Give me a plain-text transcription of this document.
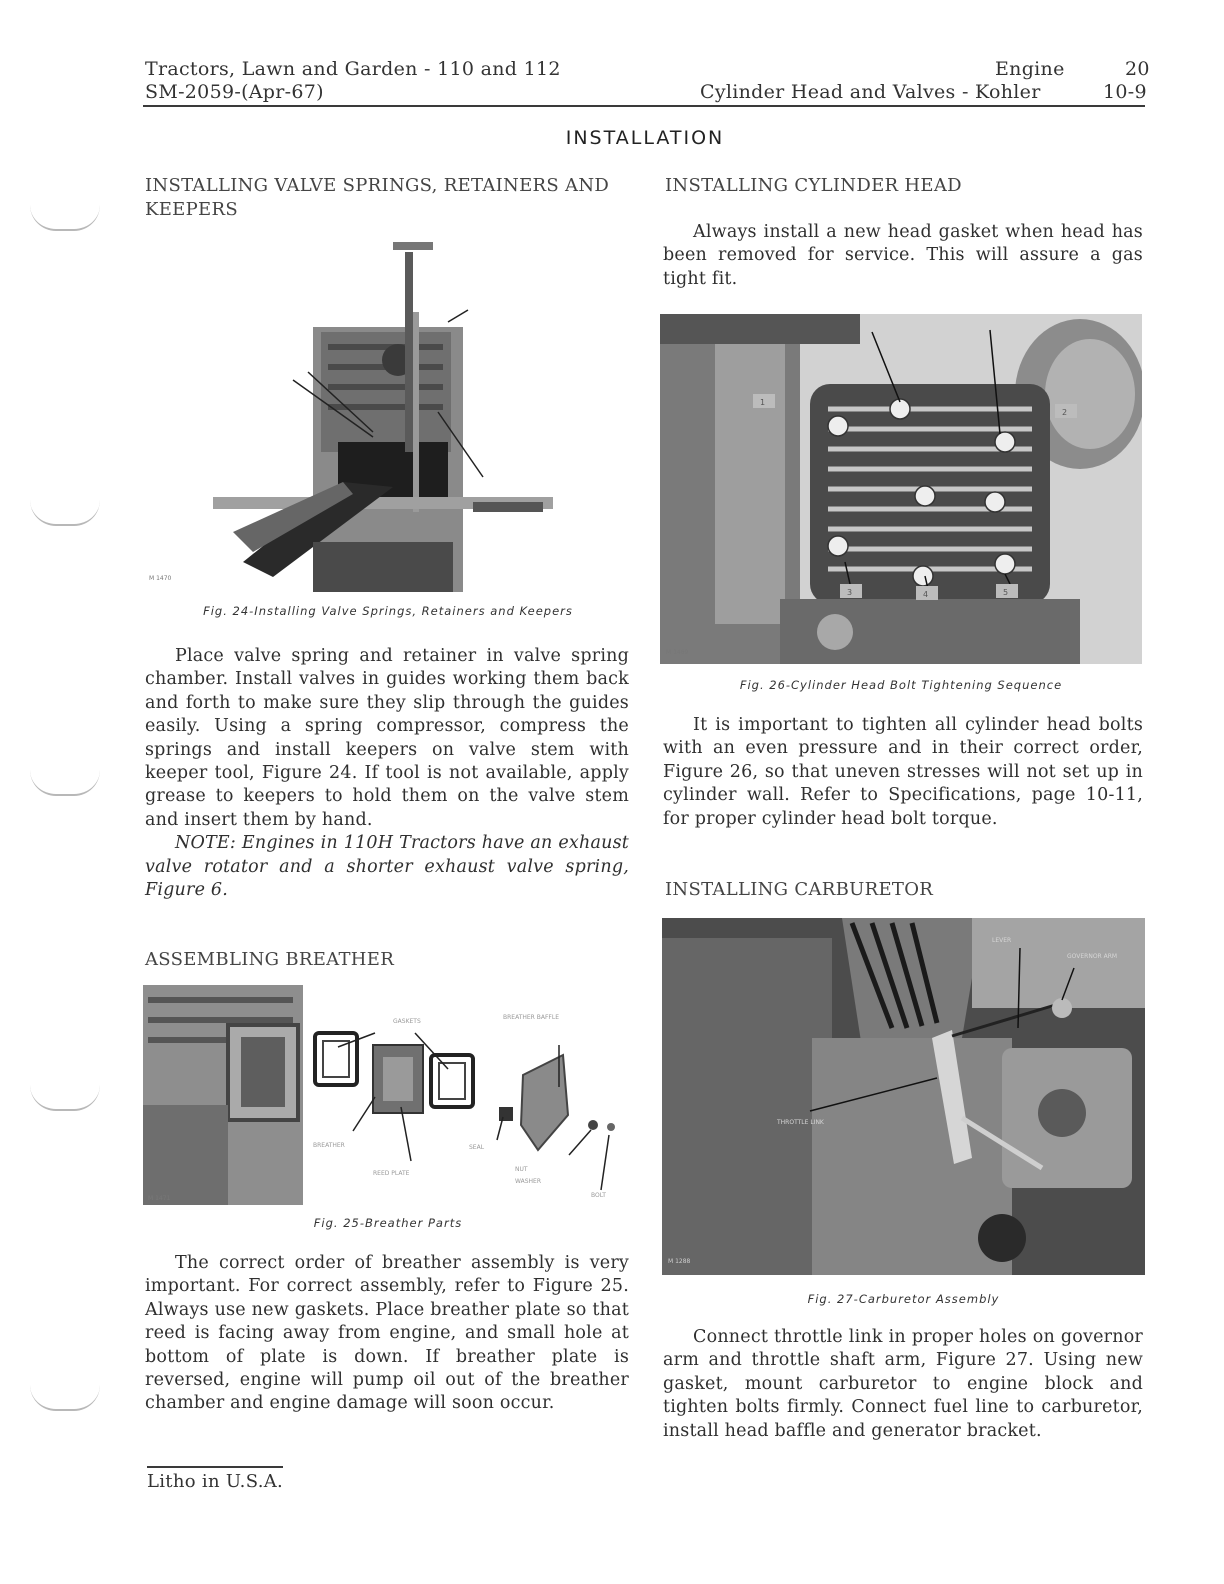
Tractors, Lawn and Garden - 110 and 112
SM-2059-(Apr-67)
Engine
Cylinder Head and Valves - Kohler
20
10-9
INSTALLATION
INSTALLING VALVE SPRINGS, RETAINERS AND KEEPERS
M 1470
Fig. 24-Installing Valve Springs, Retainers and Keepers

Place valve spring and retainer in valve spring chamber. Install valves in guides working them back and forth to make sure they slip through the guides easily. Using a spring compressor, compress the springs and install keepers on valve stem with keeper tool, Figure 24. If tool is not available, apply grease to keepers to hold them on the valve stem and insert them by hand.

NOTE: Engines in 110H Tractors have an exhaust valve rotator and a shorter exhaust valve spring, Figure 6.

ASSEMBLING BREATHER
M 1471
GASKETS
BREATHER BAFFLE
BREATHER
REED PLATE
SEAL
NUT
WASHER
BOLT
Fig. 25-Breather Parts

The correct order of breather assembly is very important. For correct assembly, refer to Figure 25. Always use new gaskets. Place breather plate so that reed is facing away from engine, and small hole at bottom of plate is down. If breather plate is reversed, engine will pump oil out of the breather chamber and engine damage will soon occur.

Litho in U.S.A.
INSTALLING CYLINDER HEAD

Always install a new head gasket when head has been removed for service. This will assure a gas tight fit.

1
2
3	4	5
M 1469
Fig. 26-Cylinder Head Bolt Tightening Sequence

It is important to tighten all cylinder head bolts with an even pressure and in their correct order, Figure 26, so that uneven stresses will not set up in cylinder wall. Refer to Specifications, page 10-11, for proper cylinder head bolt torque.

INSTALLING CARBURETOR
LEVER
GOVERNOR ARM
THROTTLE LINK
M 1288
Fig. 27-Carburetor Assembly

Connect throttle link in proper holes on governor arm and throttle shaft arm, Figure 27. Using new gasket, mount carburetor to engine block and tighten bolts firmly. Connect fuel line to carburetor, install head baffle and generator bracket.
